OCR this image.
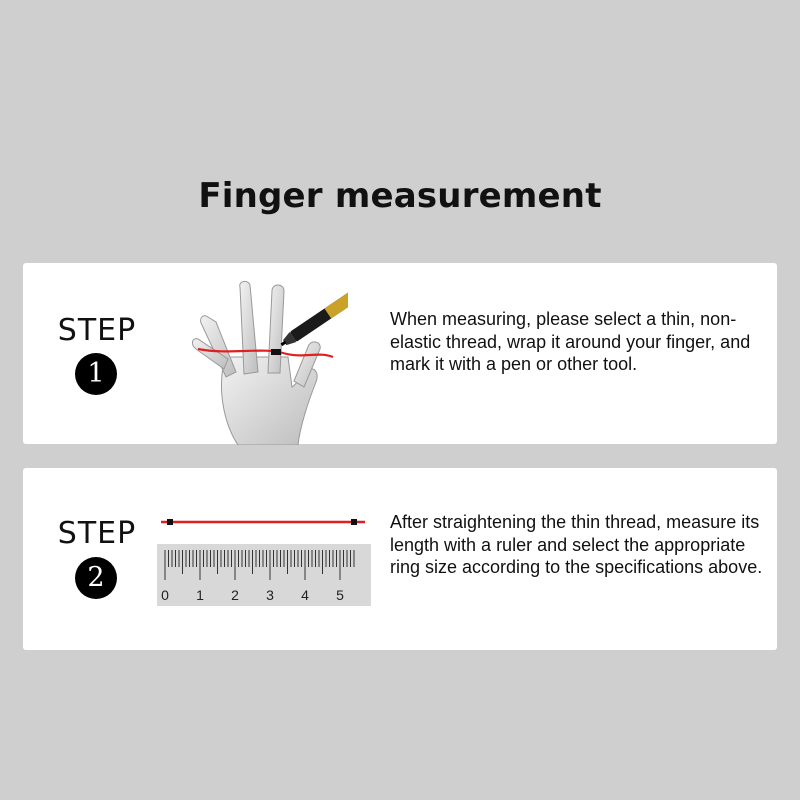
Finger measurement
STEP
1
When measuring, please select a thin, non-elastic thread, wrap it around your finger, and mark it with a pen or other tool.
STEP
2
0 1 2 3 4 5
After straightening the thin thread, measure its length with a ruler and select the appropriate ring size according to the specifications above.
